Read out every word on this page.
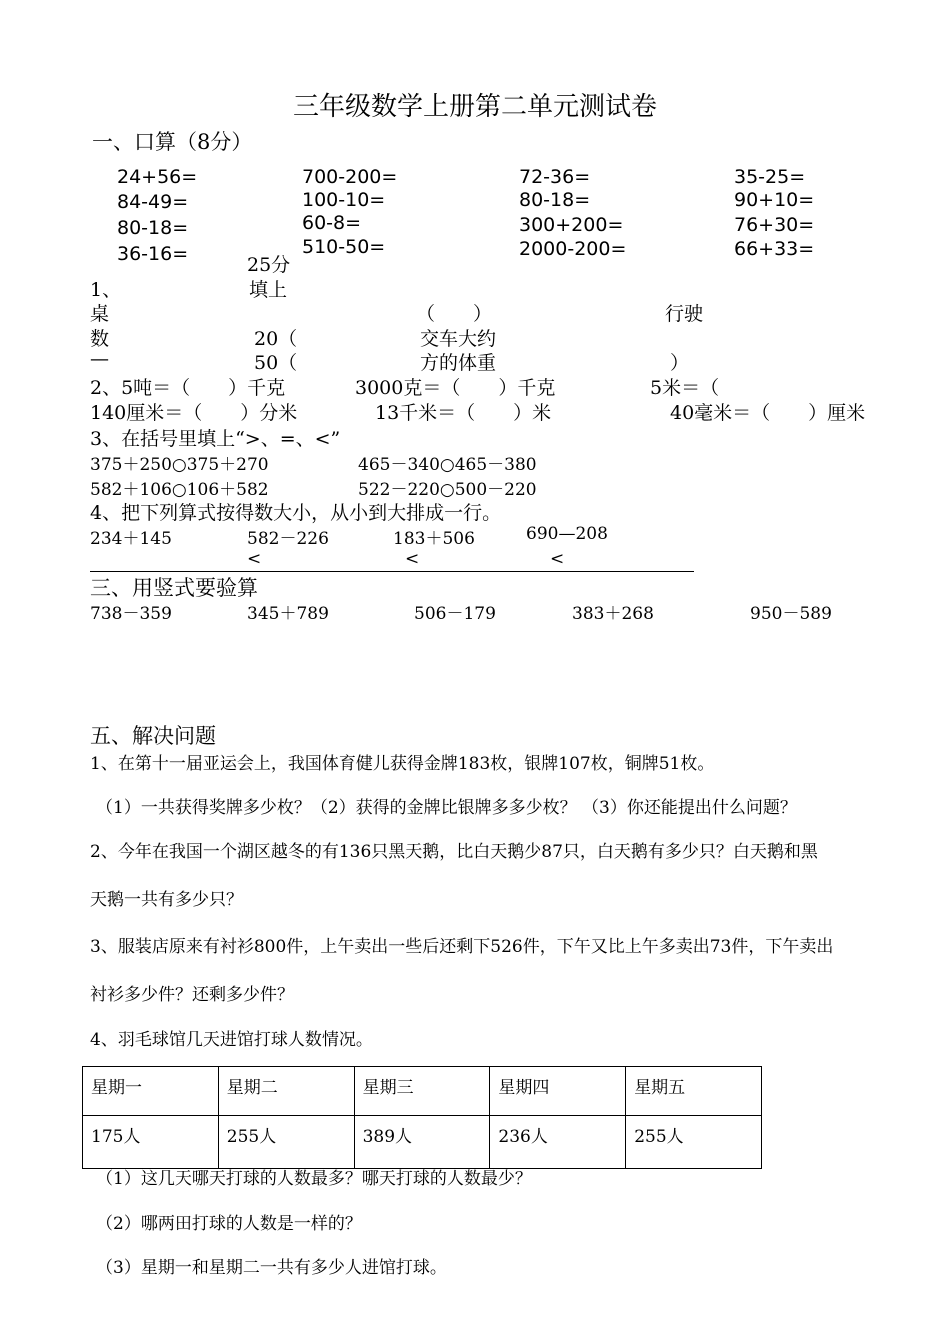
三年级数学上册第二单元测试卷
一、口算（8分）
24+56=	700-200=	72-36=	35-25=
84-49=	100-10=	80-18=	90+10=
80-18=	60-8=	300+200=	76+30=
36-16=	510-50=	2000-200=	66+33=
25分
填上
1、
桌	（　　）	行驶
数	20（	交车大约
—	50（	方的体重	）
2、5吨＝（　　）千克	3000克＝（　　）千克	5米＝（
140厘米＝（　　）分米	13千米＝（　　）米	40毫米＝（　　）厘米
3、在括号里填上“>、=、<”
375＋250○375＋270	465－340○465－380
582＋106○106＋582	522－220○500－220
4、把下列算式按得数大小，从小到大排成一行。
234＋145	582－226	183＋506	690—208
<	<	<
三、用竖式要验算
738－359	345＋789	506－179	383＋268	950－589
五、解决问题
1、在第十一届亚运会上，我国体育健儿获得金牌183枚，银牌107枚，铜牌51枚。
（1）一共获得奖牌多少枚？（2）获得的金牌比银牌多多少枚？ （3）你还能提出什么问题？
2、今年在我国一个湖区越冬的有136只黑天鹅，比白天鹅少87只，白天鹅有多少只？白天鹅和黑
天鹅一共有多少只？
3、服装店原来有衬衫800件，上午卖出一些后还剩下526件，下午又比上午多卖出73件，下午卖出
衬衫多少件？还剩多少件？
4、羽毛球馆几天进馆打球人数情况。
星期一	星期二	星期三	星期四	星期五
175人	255人	389人	236人	255人
（1）这几天哪天打球的人数最多？哪天打球的人数最少？
（2）哪两田打球的人数是一样的？
（3）星期一和星期二一共有多少人进馆打球。
